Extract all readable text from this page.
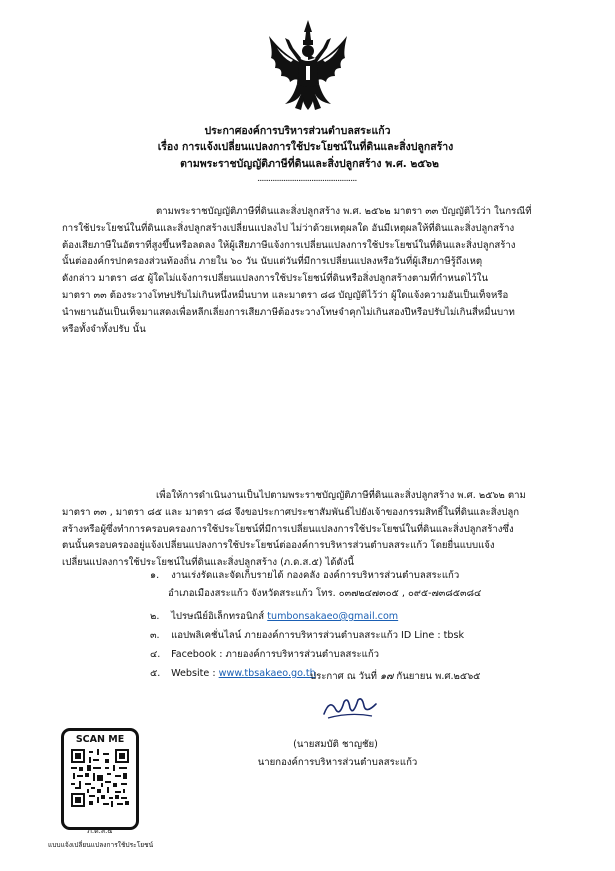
ประกาศองค์การบริหารส่วนตำบลสระแก้ว
เรื่อง การแจ้งเปลี่ยนแปลงการใช้ประโยชน์ในที่ดินและสิ่งปลูกสร้าง
ตามพระราชบัญญัติภาษีที่ดินและสิ่งปลูกสร้าง พ.ศ. ๒๕๖๒
......................................................
ตามพระราชบัญญัติภาษีที่ดินและสิ่งปลูกสร้าง พ.ศ. ๒๕๖๒ มาตรา ๓๓ บัญญัติไว้ว่า ในกรณีที่
การใช้ประโยชน์ในที่ดินและสิ่งปลูกสร้างเปลี่ยนแปลงไป ไม่ว่าด้วยเหตุผลใด อันมีเหตุผลให้ที่ดินและสิ่งปลูกสร้าง
ต้องเสียภาษีในอัตราที่สูงขึ้นหรือลดลง ให้ผู้เสียภาษีแจ้งการเปลี่ยนแปลงการใช้ประโยชน์ในที่ดินและสิ่งปลูกสร้าง
นั้นต่อองค์กรปกครองส่วนท้องถิ่น ภายใน ๖๐ วัน นับแต่วันที่มีการเปลี่ยนแปลงหรือวันที่ผู้เสียภาษีรู้ถึงเหตุ
ดังกล่าว มาตรา ๘๕ ผู้ใดไม่แจ้งการเปลี่ยนแปลงการใช้ประโยชน์ที่ดินหรือสิ่งปลูกสร้างตามที่กำหนดไว้ใน
มาตรา ๓๓ ต้องระวางโทษปรับไม่เกินหนึ่งหมื่นบาท และมาตรา ๘๘ บัญญัติไว้ว่า ผู้ใดแจ้งความอันเป็นเท็จหรือ
นำพยานอันเป็นเท็จมาแสดงเพื่อหลีกเลี่ยงการเสียภาษีต้องระวางโทษจำคุกไม่เกินสองปีหรือปรับไม่เกินสี่หมื่นบาท
หรือทั้งจำทั้งปรับ นั้น
เพื่อให้การดำเนินงานเป็นไปตามพระราชบัญญัติภาษีที่ดินและสิ่งปลูกสร้าง พ.ศ. ๒๕๖๒ ตาม
มาตรา ๓๓ , มาตรา ๘๕ และ มาตรา ๘๘ จึงขอประกาศประชาสัมพันธ์ไปยังเจ้าของกรรมสิทธิ์ในที่ดินและสิ่งปลูก
สร้างหรือผู้ซึ่งทำการครอบครองการใช้ประโยชน์ที่มีการเปลี่ยนแปลงการใช้ประโยชน์ในที่ดินและสิ่งปลูกสร้างซึ่ง
ตนนั้นครอบครองอยู่แจ้งเปลี่ยนแปลงการใช้ประโยชน์ต่อองค์การบริหารส่วนตำบลสระแก้ว โดยยื่นแบบแจ้ง
เปลี่ยนแปลงการใช้ประโยชน์ในที่ดินและสิ่งปลูกสร้าง (ภ.ด.ส.๕) ได้ดังนี้
๑. งานเร่งรัดและจัดเก็บรายได้ กองคลัง องค์การบริหารส่วนตำบลสระแก้ว
อำเภอเมืองสระแก้ว จังหวัดสระแก้ว โทร. ๐๓๗๒๔๗๓๐๕ , ๐๙๕-๗๓๘๕๓๘๔
๒. ไปรษณีย์อิเล็กทรอนิกส์ tumbonsakaeo@gmail.com
๓. แอปพลิเคชั่นไลน์ ภายองค์การบริหารส่วนตำบลสระแก้ว ID Line : tbsk
๔. Facebook : ภายองค์การบริหารส่วนตำบลสระแก้ว
๕. Website : www.tbsakaeo.go.th
ประกาศ ณ วันที่ ๑๗ กันยายน พ.ศ.๒๕๖๕
(นายสมบัติ ชาญชัย)
นายกองค์การบริหารส่วนตำบลสระแก้ว
SCAN ME
ภ.ด.ส.๕
แบบแจ้งเปลี่ยนแปลงการใช้ประโยชน์
